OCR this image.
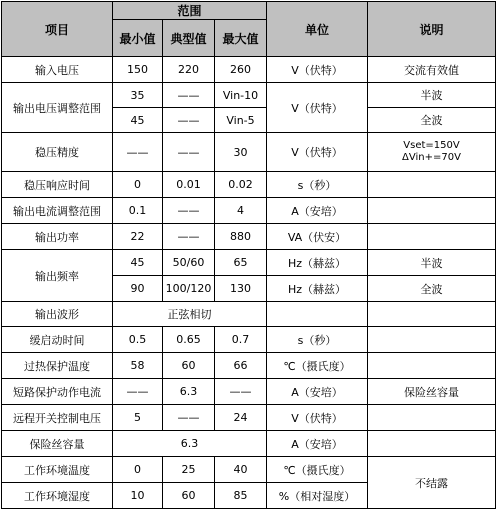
项目	范围			单位	说明
	最小值	典型值	最大值		
输入电压	150	220	260	V（伏特）	交流有效值
输出电压调整范围	35	——	Vin-10	V（伏特）	半波
	45	——	Vin-5		全波
稳压精度	——	——	30	V（伏特）	Vset=150V
ΔVin+=70V

稳压响应时间	0	0.01	0.02	s（秒）	
输出电流调整范围	0.1	——	4	A（安培）	
输出功率	22	——	880	VA（伏安）	
输出频率	45	50/60	65	Hz（赫兹）	半波
	90	100/120	130	Hz（赫兹）	全波
输出波形	正弦相切				
缓启动时间	0.5	0.65	0.7	s（秒）	
过热保护温度	58	60	66	℃（摄氏度）	
短路保护动作电流	——	6.3	——	A（安培）	保险丝容量
远程开关控制电压	5	——	24	V（伏特）	
保险丝容量	6.3			A（安培）	
工作环境温度	0	25	40	℃（摄氏度）	不结露
工作环境湿度	10	60	85	%（相对湿度）	
